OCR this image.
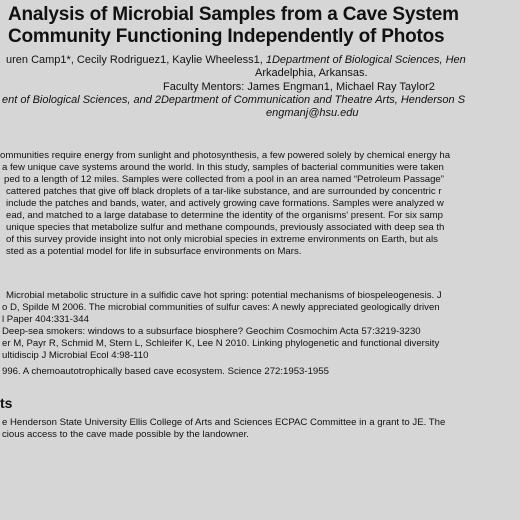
Analysis of Microbial Samples from a Cave System
Community Functioning Independently of Photos
uren Camp1*, Cecily Rodriguez1, Kaylie Wheeless1, 1Department of Biological Sciences, Hen
Arkadelphia, Arkansas.
Faculty Mentors: James Engman1, Michael Ray Taylor2
ent of Biological Sciences, and 2Department of Communication and Theatre Arts, Henderson S
engmanj@hsu.edu
ommunities require energy from sunlight and photosynthesis, a few powered solely by chemical energy ha
a few unique cave systems around the world. In this study, samples of bacterial communities were taken
ped to a length of 12 miles. Samples were collected from a pool in an area named “Petroleum Passage”
cattered patches that give off black droplets of a tar-like substance, and are surrounded by concentric r
include the patches and bands, water, and actively growing cave formations. Samples were analyzed w
ead, and matched to a large database to determine the identity of the organisms' present. For six samp
unique species that metabolize sulfur and methane compounds, previously associated with deep sea th
of this survey provide insight into not only microbial species in extreme environments on Earth, but als
sted as a potential model for life in subsurface environments on Mars.
Microbial metabolic structure in a sulfidic cave hot spring: potential mechanisms of biospeleogenesis. J
o D, Spilde M 2006. The microbial communities of sulfur caves: A newly appreciated geologically driven
l Paper 404:331-344
Deep-sea smokers: windows to a subsurface biosphere? Geochim Cosmochim Acta 57:3219-3230
er M, Payr R, Schmid M, Stern L, Schleifer K, Lee N 2010. Linking phylogenetic and functional diversity
ultidiscip J Microbial Ecol 4:98-110
996. A chemoautotrophically based cave ecosystem. Science 272:1953-1955
ts
e Henderson State University Ellis College of Arts and Sciences ECPAC Committee in a grant to JE. The
cious access to the cave made possible by the landowner.
